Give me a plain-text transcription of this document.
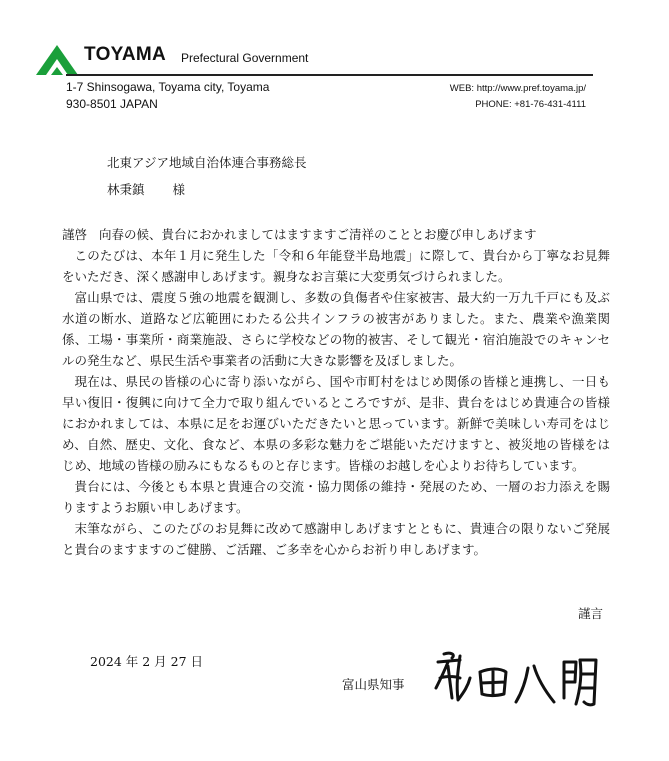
TOYAMA Prefectural Government
1-7 Shinsogawa, Toyama city, Toyama
930-8501 JAPAN
WEB: http://www.pref.toyama.jp/
PHONE: +81-76-431-4111
北東アジア地域自治体連合事務総長
林秉鎮 様

謹啓 向春の候、貴台におかれましてはますますご清祥のこととお慶び申しあげます

このたびは、本年１月に発生した「令和６年能登半島地震」に際して、貴台から丁寧なお見舞をいただき、深く感謝申しあげます。親身なお言葉に大変勇気づけられました。

富山県では、震度５強の地震を観測し、多数の負傷者や住家被害、最大約一万九千戸にも及ぶ水道の断水、道路など広範囲にわたる公共インフラの被害がありました。また、農業や漁業関係、工場・事業所・商業施設、さらに学校などの物的被害、そして観光・宿泊施設でのキャンセルの発生など、県民生活や事業者の活動に大きな影響を及ぼしました。

現在は、県民の皆様の心に寄り添いながら、国や市町村をはじめ関係の皆様と連携し、一日も早い復旧・復興に向けて全力で取り組んでいるところですが、是非、貴台をはじめ貴連合の皆様におかれましては、本県に足をお運びいただきたいと思っています。新鮮で美味しい寿司をはじめ、自然、歴史、文化、食など、本県の多彩な魅力をご堪能いただけますと、被災地の皆様をはじめ、地域の皆様の励みにもなるものと存じます。皆様のお越しを心よりお待ちしています。

貴台には、今後とも本県と貴連合の交流・協力関係の維持・発展のため、一層のお力添えを賜りますようお願い申しあげます。

末筆ながら、このたびのお見舞に改めて感謝申しあげますとともに、貴連合の限りないご発展と貴台のますますのご健勝、ご活躍、ご多幸を心からお祈り申しあげます。

謹言
2024 年 2 月 27 日
富山県知事
